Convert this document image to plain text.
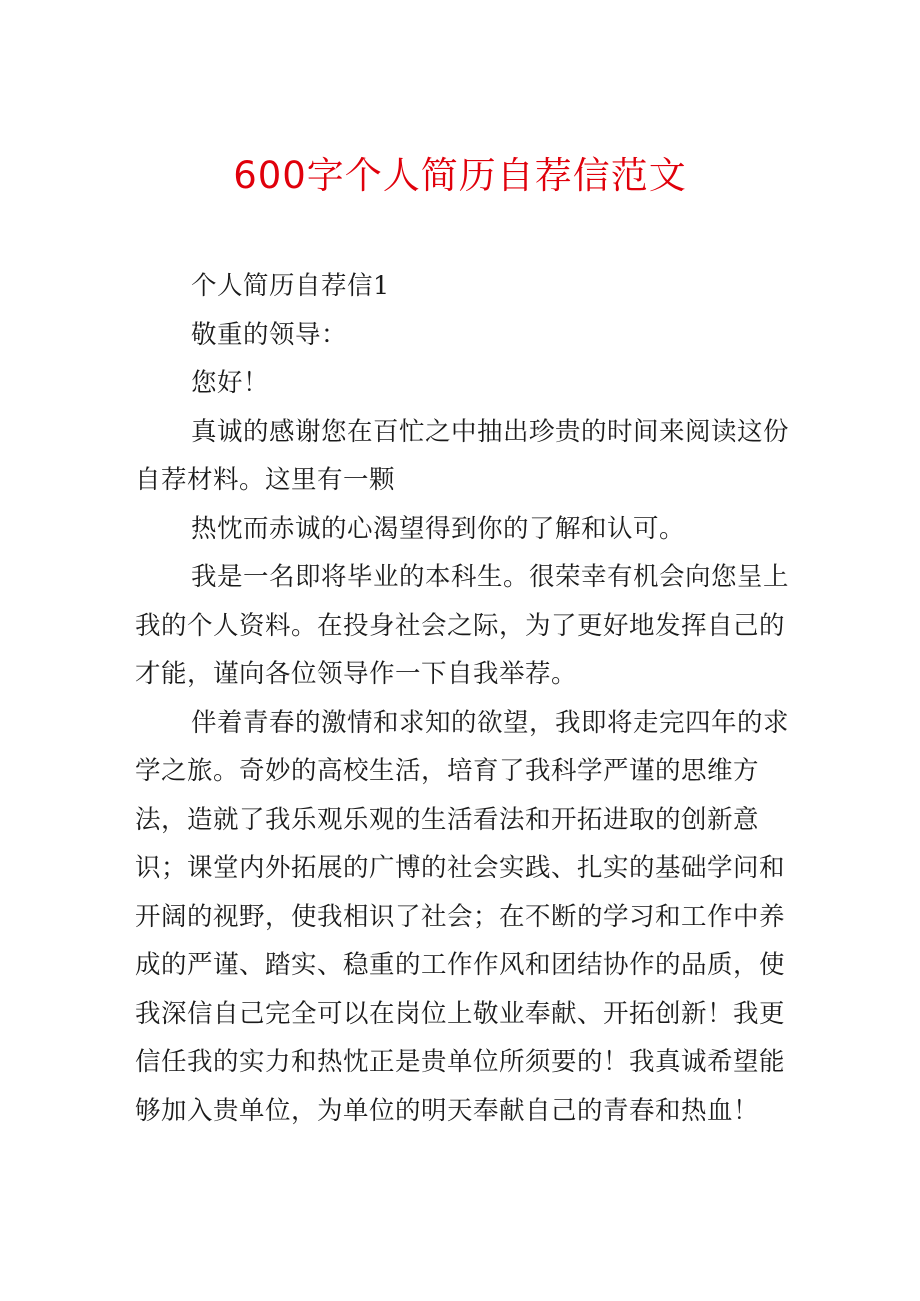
600字个人简历自荐信范文

个人简历自荐信1

敬重的领导：

您好！

真诚的感谢您在百忙之中抽出珍贵的时间来阅读这份自荐材料。这里有一颗

热忱而赤诚的心渴望得到你的了解和认可。

我是一名即将毕业的本科生。很荣幸有机会向您呈上我的个人资料。在投身社会之际，为了更好地发挥自己的才能，谨向各位领导作一下自我举荐。

伴着青春的激情和求知的欲望，我即将走完四年的求学之旅。奇妙的高校生活，培育了我科学严谨的思维方法，造就了我乐观乐观的生活看法和开拓进取的创新意识；课堂内外拓展的广博的社会实践、扎实的基础学问和开阔的视野，使我相识了社会；在不断的学习和工作中养成的严谨、踏实、稳重的工作作风和团结协作的品质，使我深信自己完全可以在岗位上敬业奉献、开拓创新！我更信任我的实力和热忱正是贵单位所须要的！我真诚希望能够加入贵单位，为单位的明天奉献自己的青春和热血！
